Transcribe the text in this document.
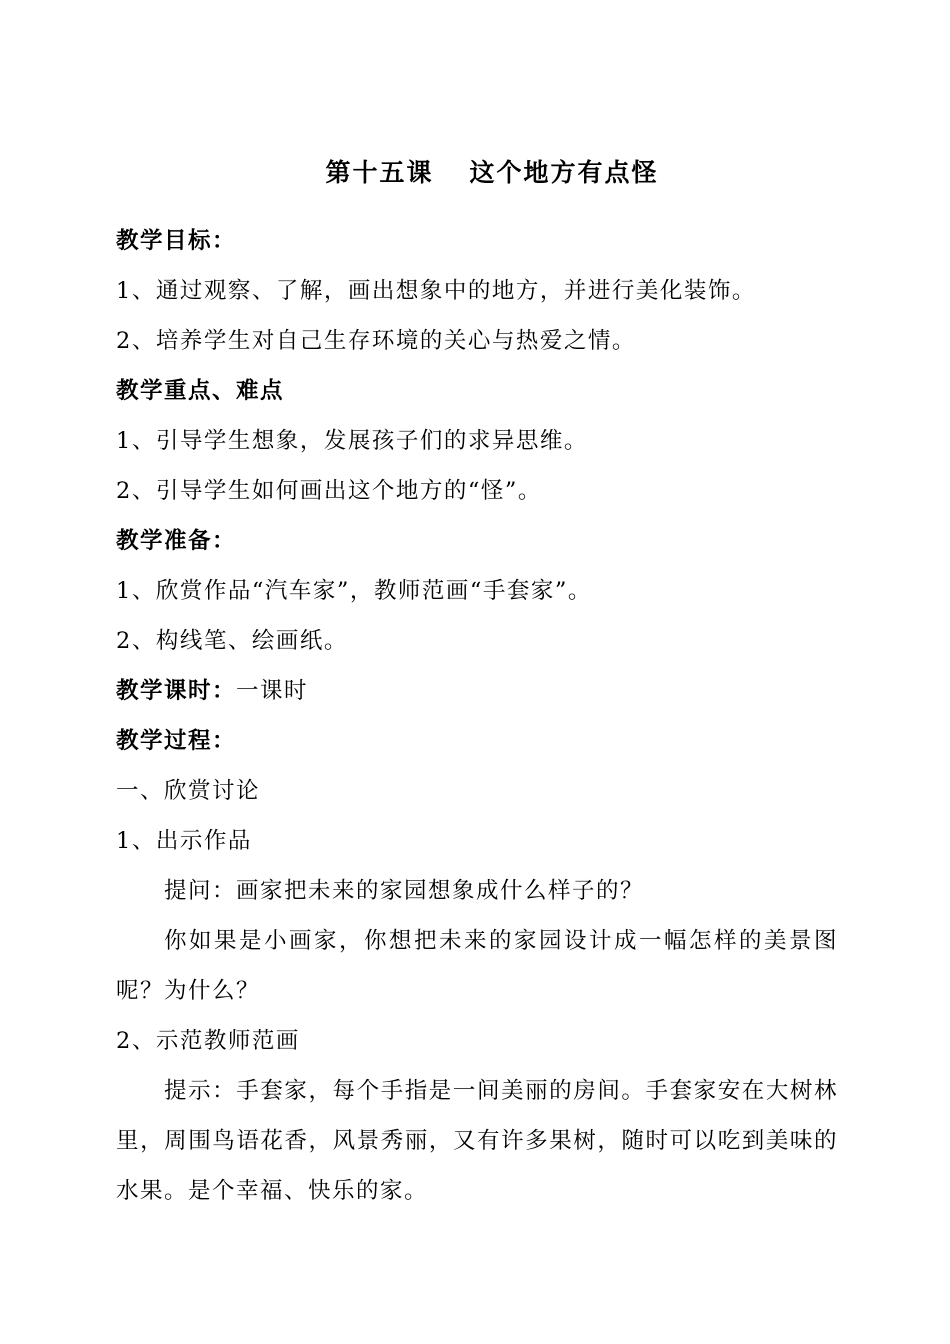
第十五课 这个地方有点怪
教学目标：
1、通过观察、了解，画出想象中的地方，并进行美化装饰。
2、培养学生对自己生存环境的关心与热爱之情。
教学重点、难点
1、引导学生想象，发展孩子们的求异思维。
2、引导学生如何画出这个地方的“怪”。
教学准备：
1、欣赏作品“汽车家”，教师范画“手套家”。
2、构线笔、绘画纸。
教学课时：一课时
教学过程：
一、欣赏讨论
1、出示作品
提问：画家把未来的家园想象成什么样子的？
你如果是小画家，你想把未来的家园设计成一幅怎样的美景图呢？为什么？
2、示范教师范画
提示：手套家，每个手指是一间美丽的房间。手套家安在大树林里，周围鸟语花香，风景秀丽，又有许多果树，随时可以吃到美味的水果。是个幸福、快乐的家。
